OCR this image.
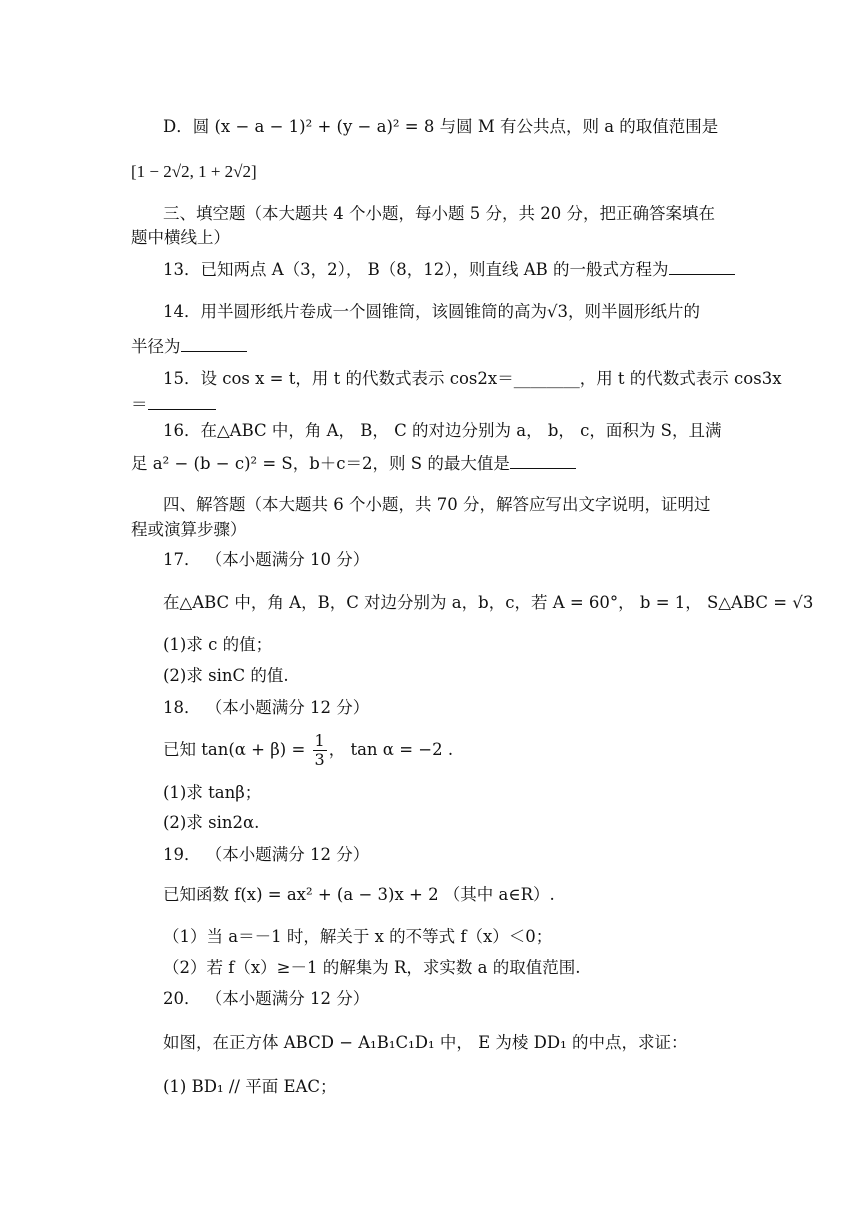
D．圆 (x − a − 1)² + (y − a)² = 8 与圆 M 有公共点，则 a 的取值范围是
[1 − 2√2, 1 + 2√2]
三、填空题（本大题共 4 个小题，每小题 5 分，共 20 分，把正确答案填在
题中横线上）
13．已知两点 A（3，2）， B（8，12），则直线 AB 的一般式方程为
14．用半圆形纸片卷成一个圆锥筒，该圆锥筒的高为√3，则半圆形纸片的
半径为
15．设 cos x = t，用 t 的代数式表示 cos2x＝________，用 t 的代数式表示 cos3x
＝
16．在△ABC 中，角 A， B， C 的对边分别为 a， b， c，面积为 S，且满
足 a² − (b − c)² = S，b＋c＝2，则 S 的最大值是
四、解答题（本大题共 6 个小题，共 70 分，解答应写出文字说明，证明过
程或演算步骤）
17． （本小题满分 10 分）
在△ABC 中，角 A，B，C 对边分别为 a，b，c，若 A = 60°， b = 1， S△ABC = √3
(1)求 c 的值；
(2)求 sinC 的值.
18． （本小题满分 12 分）
已知 $\tan(\alpha + \beta) = \frac{1}{3}$ ， tan α = −2 .
(1)求 tanβ；
(2)求 sin2α.
19． （本小题满分 12 分）
已知函数 f(x) = ax² + (a − 3)x + 2 （其中 a∈R）.
（1）当 a＝－1 时，解关于 x 的不等式 f（x）＜0；
（2）若 f（x）≥－1 的解集为 R，求实数 a 的取值范围.
20． （本小题满分 12 分）
如图，在正方体 ABCD − A₁B₁C₁D₁ 中， E 为棱 DD₁ 的中点，求证：
(1) BD₁ // 平面 EAC；
